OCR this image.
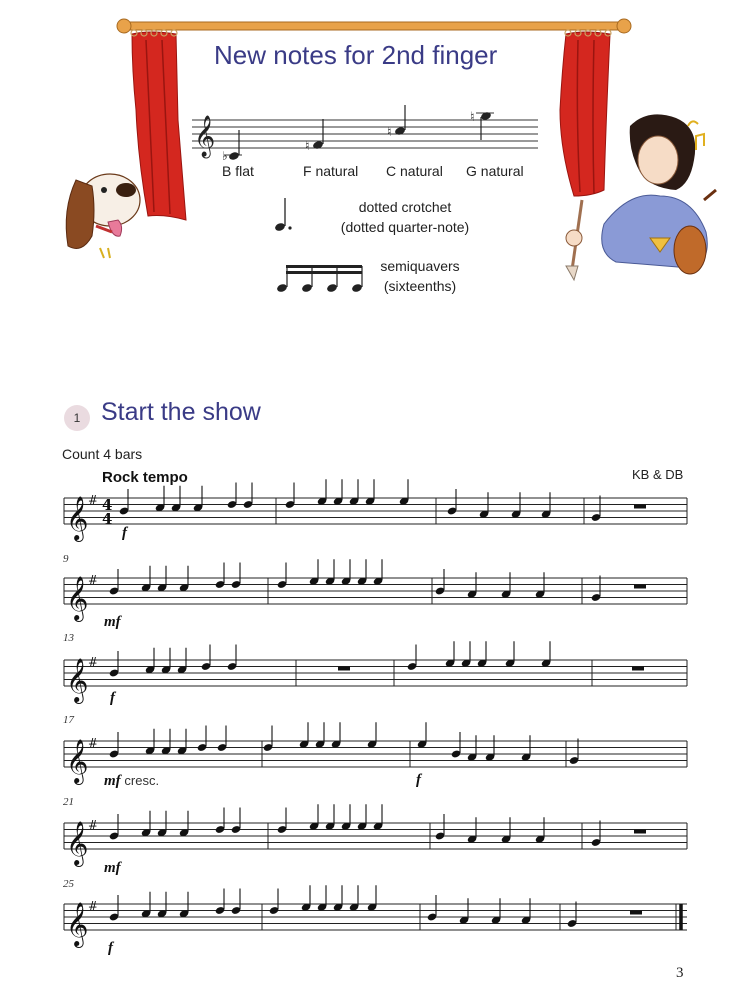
𝄞 ♭
♮
♮
♮
𝄞 # 4
4
𝄞 #
𝄞 #
𝄞 #
𝄞 #
𝄞 #
New notes for 2nd finger
B flat	F natural C natural G natural
dotted crotchet
(dotted quarter-note)
semiquavers
(sixteenths)
1 Start the show
Count 4 bars
Rock tempo	KB & DB
9
13
17
21
25
f
mf
f
mf cresc.	f
mf
f
3
